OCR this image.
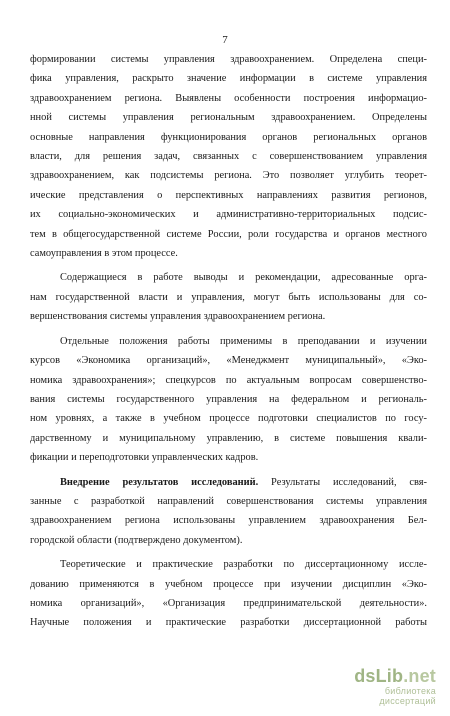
7
формировании системы управления здравоохранением. Определена специ-
фика управления, раскрыто значение информации в системе управления
здравоохранением региона. Выявлены особенности построения информацио-
нной системы управления региональным здравоохранением. Определены
основные направления функционирования органов региональных органов
власти, для решения задач, связанных с совершенствованием управления
здравоохранением, как подсистемы региона. Это позволяет углубить теорет-
ические представления о перспективных направлениях развития регионов,
их социально-экономических и административно-территориальных подсис-
тем в общегосударственной системе России, роли государства и органов местного
самоуправления в этом процессе.
Содержащиеся в работе выводы и рекомендации, адресованные орга-
нам государственной власти и управления, могут быть использованы для со-
вершенствования системы управления здравоохранением региона.
Отдельные положения работы применимы в преподавании и изучении
курсов «Экономика организаций», «Менеджмент муниципальный», «Эко-
номика здравоохранения»; спецкурсов по актуальным вопросам совершенство-
вания системы государственного управления на федеральном и региональ-
ном уровнях, а также в учебном процессе подготовки специалистов по госу-
дарственному и муниципальному управлению, в системе повышения квали-
фикации и переподготовки управленческих кадров.
Внедрение результатов исследований. Результаты исследований, свя-
занные с разработкой направлений совершенствования системы управления
здравоохранением региона использованы управлением здравоохранения Бел-
городской области (подтверждено документом).
Теоретические и практические разработки по диссертационному иссле-
дованию применяются в учебном процессе при изучении дисциплин «Эко-
номика организаций», «Организация предпринимательской деятельности».
Научные положения и практические разработки диссертационной работы
dsLib.net
библиотека диссертаций
